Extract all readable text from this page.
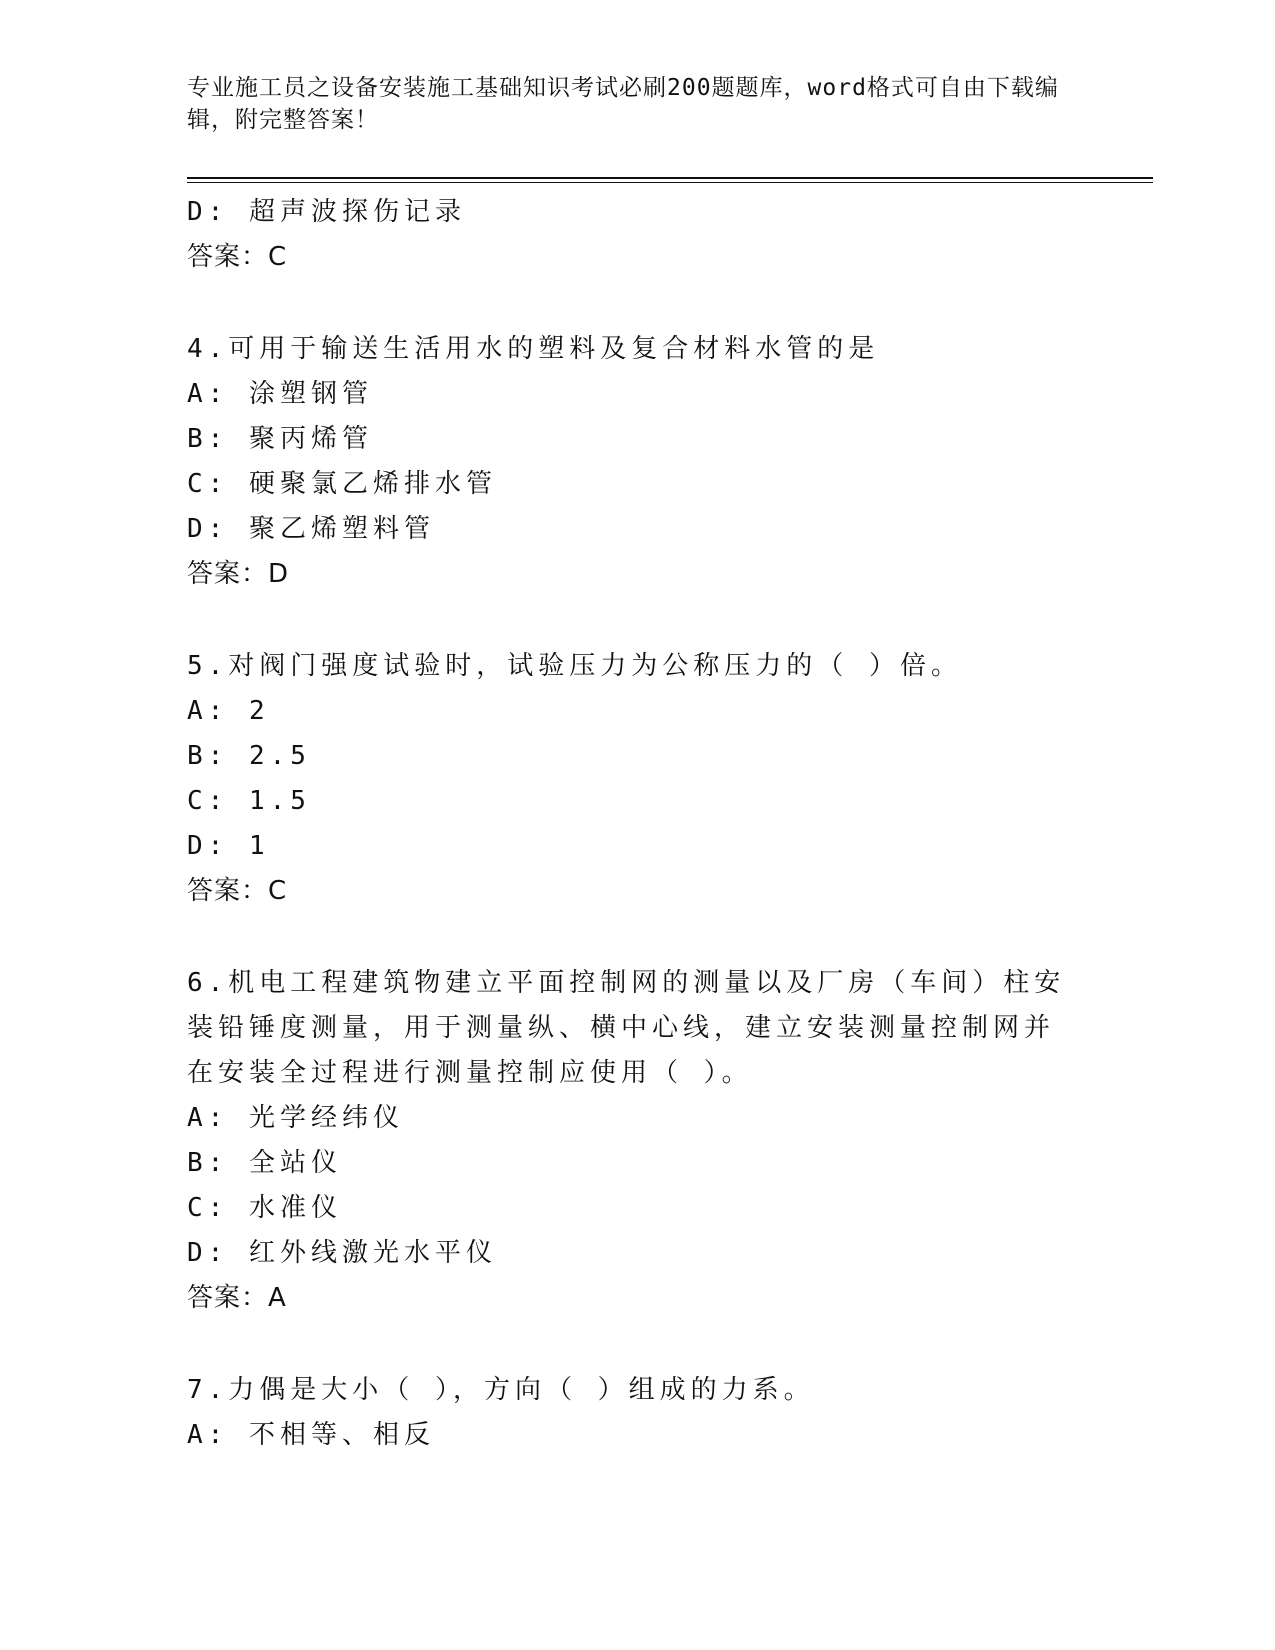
专业施工员之设备安装施工基础知识考试必刷200题题库，word格式可自由下载编辑，附完整答案！
D: 超声波探伤记录
答案：C
4.可用于输送生活用水的塑料及复合材料水管的是
A: 涂塑钢管
B: 聚丙烯管
C: 硬聚氯乙烯排水管
D: 聚乙烯塑料管
答案：D
5.对阀门强度试验时，试验压力为公称压力的（ ）倍。
A: 2
B: 2.5
C: 1.5
D: 1
答案：C
6.机电工程建筑物建立平面控制网的测量以及厂房（车间）柱安装铅锤度测量，用于测量纵、横中心线，建立安装测量控制网并在安装全过程进行测量控制应使用（ ）。
A: 光学经纬仪
B: 全站仪
C: 水准仪
D: 红外线激光水平仪
答案：A
7.力偶是大小（ ），方向（ ）组成的力系。
A: 不相等、相反
